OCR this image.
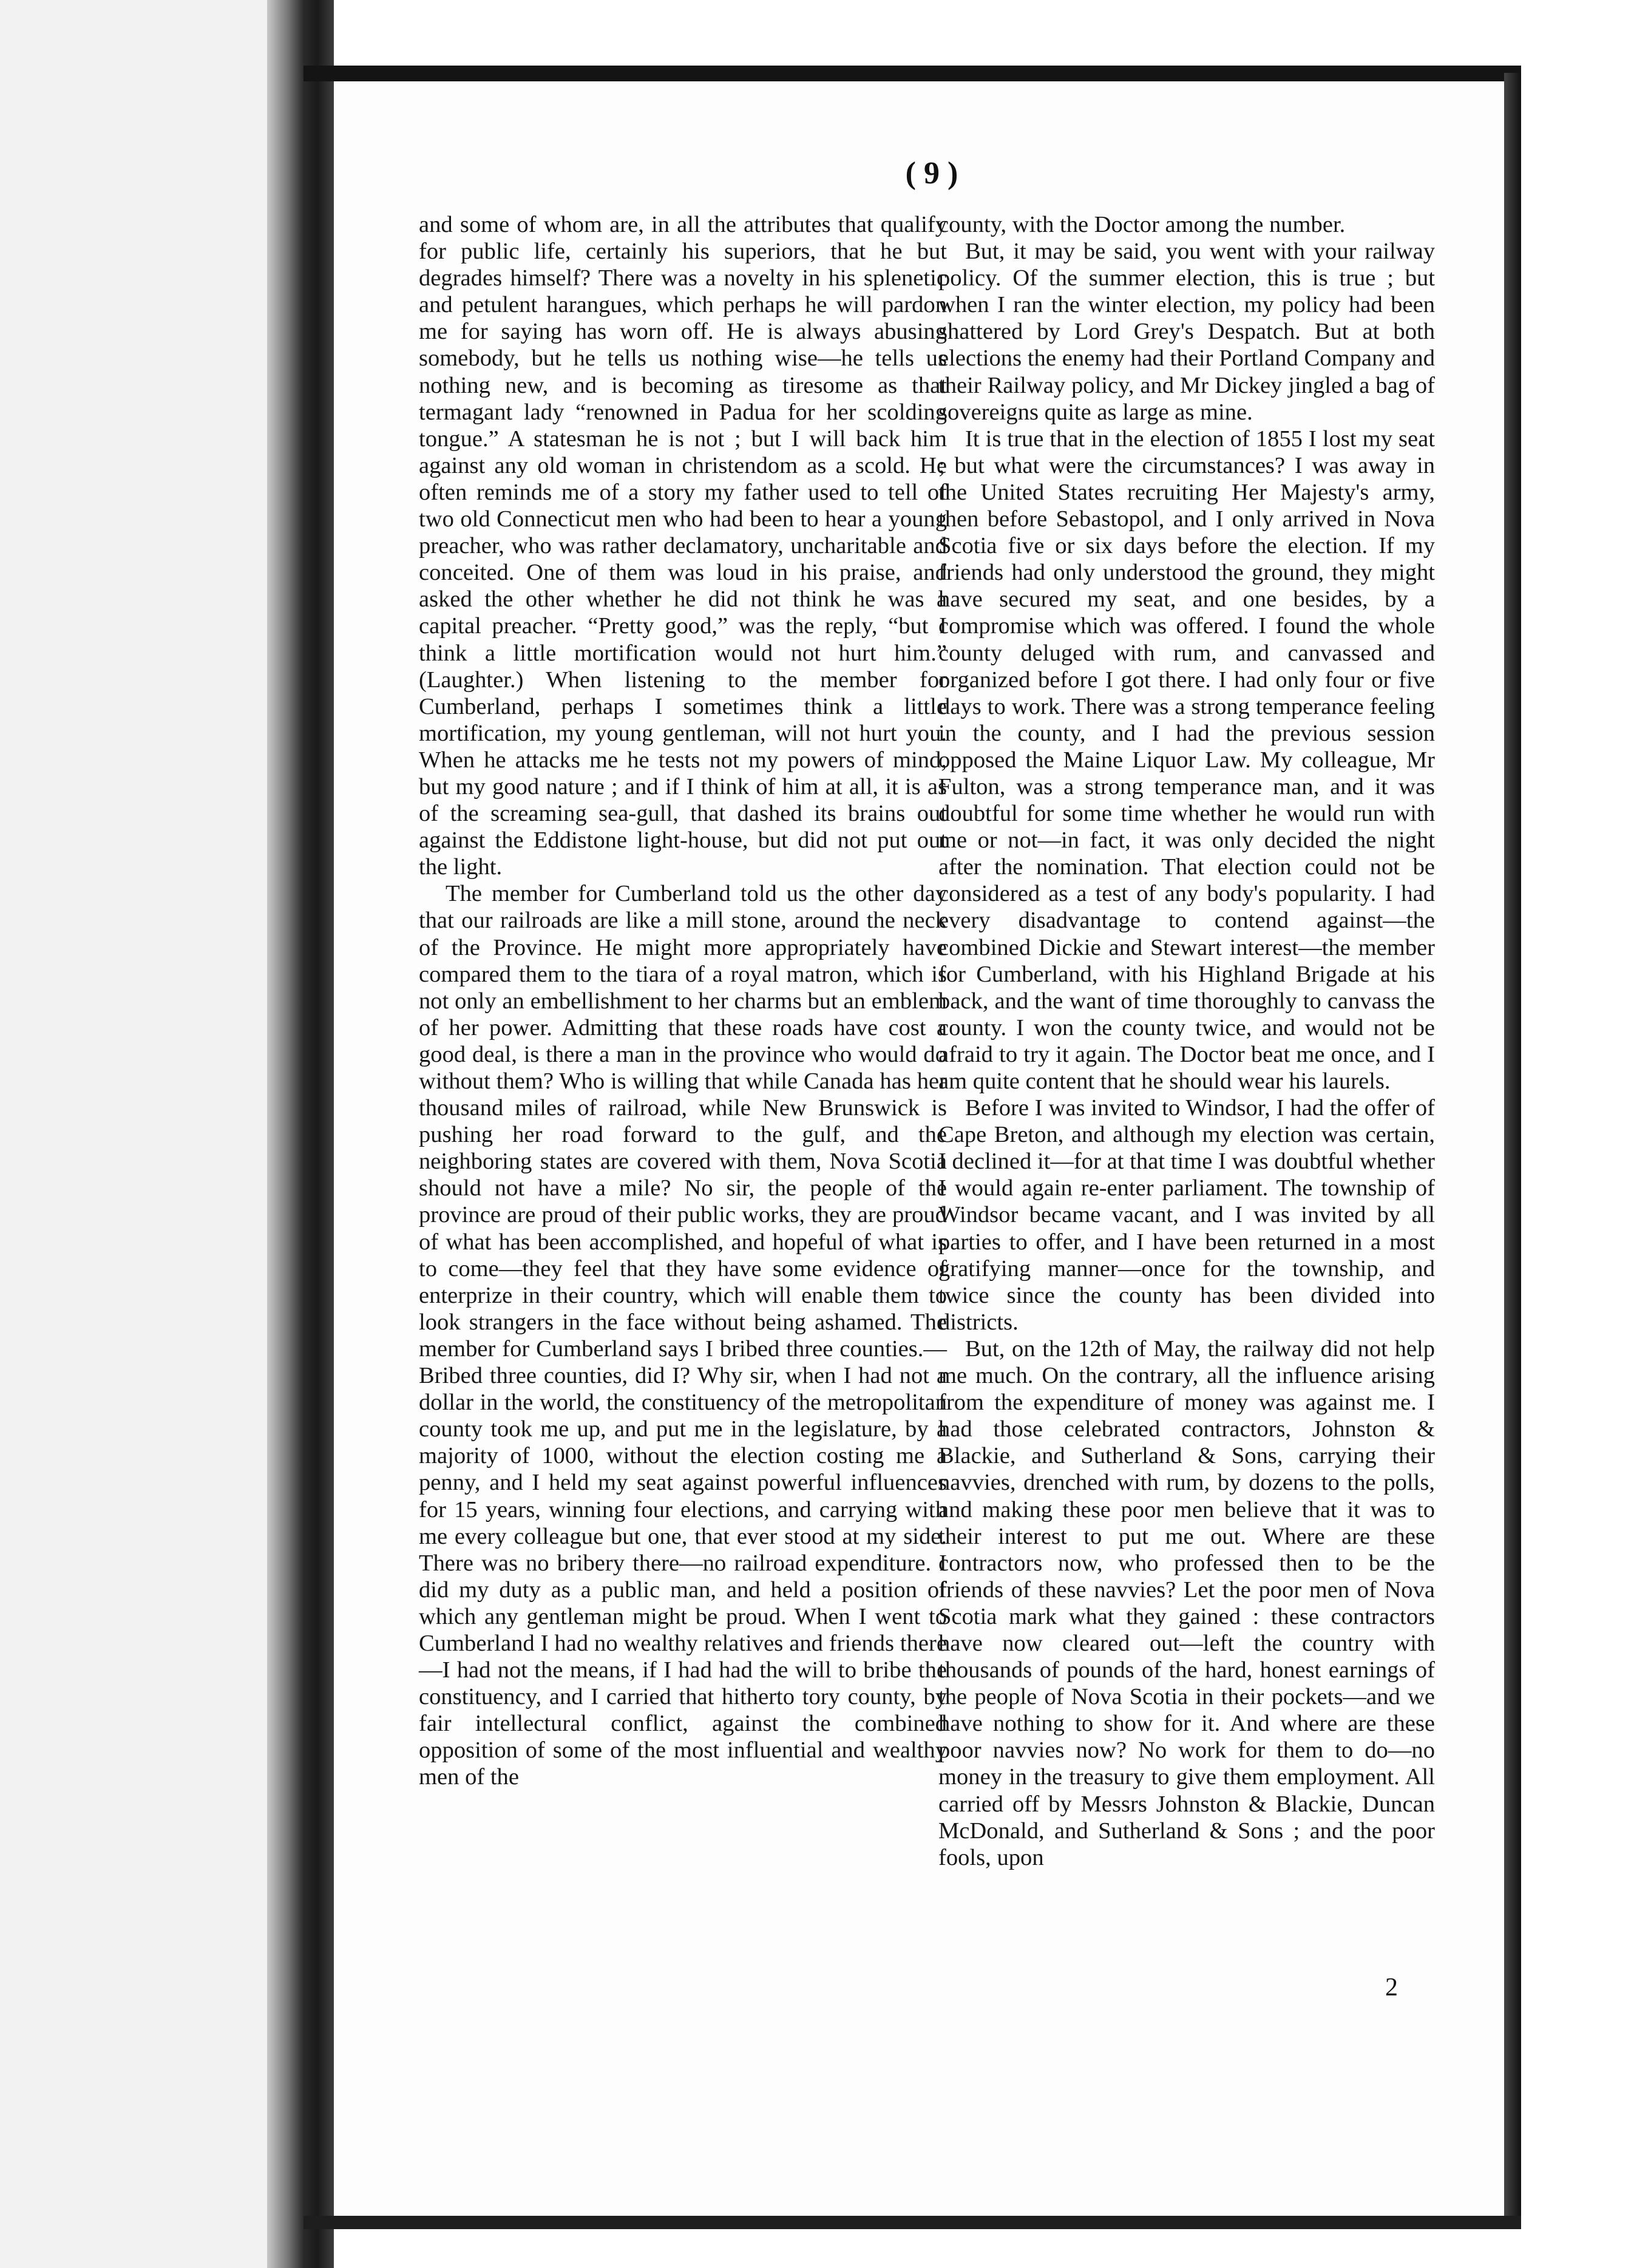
( 9 )

and some of whom are, in all the attributes that qualify for public life, certainly his superiors, that he but degrades himself? There was a novelty in his splenetic and petulent harangues, which perhaps he will pardon me for saying has worn off. He is always abusing somebody, but he tells us nothing wise—he tells us nothing new, and is becoming as tiresome as that termagant lady “renowned in Padua for her scolding tongue.” A statesman he is not ; but I will back him against any old woman in christendom as a scold. He often reminds me of a story my father used to tell of two old Connecticut men who had been to hear a young preacher, who was rather declamatory, uncharitable and conceited. One of them was loud in his praise, and asked the other whether he did not think he was a capital preacher. “Pretty good,” was the reply, “but I think a little mortification would not hurt him.” (Laughter.) When listening to the member for Cumberland, perhaps I sometimes think a little mortification, my young gentleman, will not hurt you. When he attacks me he tests not my powers of mind, but my good nature ; and if I think of him at all, it is as of the screaming sea-gull, that dashed its brains out against the Eddistone light-house, but did not put out the light.

The member for Cumberland told us the other day that our railroads are like a mill stone, around the neck of the Province. He might more appropriately have compared them to the tiara of a royal matron, which is not only an embellishment to her charms but an emblem of her power. Admitting that these roads have cost a good deal, is there a man in the province who would do without them? Who is willing that while Canada has her thousand miles of railroad, while New Brunswick is pushing her road forward to the gulf, and the neighboring states are covered with them, Nova Scotia should not have a mile? No sir, the people of the province are proud of their public works, they are proud of what has been accomplished, and hopeful of what is to come—they feel that they have some evidence of enterprize in their country, which will enable them to look strangers in the face without being ashamed. The member for Cumberland says I bribed three counties.—Bribed three counties, did I? Why sir, when I had not a dollar in the world, the constituency of the metropolitan county took me up, and put me in the legislature, by a majority of 1000, without the election costing me a penny, and I held my seat against powerful influences for 15 years, winning four elections, and carrying with me every colleague but one, that ever stood at my side. There was no bribery there—no railroad expenditure. I did my duty as a public man, and held a position of which any gentleman might be proud. When I went to Cumberland I had no wealthy relatives and friends there—I had not the means, if I had had the will to bribe the constituency, and I carried that hitherto tory county, by fair intellectural conflict, against the combined opposition of some of the most influential and wealthy men of the

county, with the Doctor among the number.

But, it may be said, you went with your railway policy. Of the summer election, this is true ; but when I ran the winter election, my policy had been shattered by Lord Grey's Despatch. But at both elections the enemy had their Portland Company and their Railway policy, and Mr Dickey jingled a bag of sovereigns quite as large as mine.

It is true that in the election of 1855 I lost my seat ; but what were the circumstances? I was away in the United States recruiting Her Majesty's army, then before Sebastopol, and I only arrived in Nova Scotia five or six days before the election. If my friends had only understood the ground, they might have secured my seat, and one besides, by a compromise which was offered. I found the whole county deluged with rum, and canvassed and organized before I got there. I had only four or five days to work. There was a strong temperance feeling in the county, and I had the previous session opposed the Maine Liquor Law. My colleague, Mr Fulton, was a strong temperance man, and it was doubtful for some time whether he would run with me or not—in fact, it was only decided the night after the nomination. That election could not be considered as a test of any body's popularity. I had every disadvantage to contend against—the combined Dickie and Stewart interest—the member for Cumberland, with his Highland Brigade at his back, and the want of time thoroughly to canvass the county. I won the county twice, and would not be afraid to try it again. The Doctor beat me once, and I am quite content that he should wear his laurels.

Before I was invited to Windsor, I had the offer of Cape Breton, and although my election was certain, I declined it—for at that time I was doubtful whether I would again re-enter parliament. The township of Windsor became vacant, and I was invited by all parties to offer, and I have been returned in a most gratifying manner—once for the township, and twice since the county has been divided into districts.

But, on the 12th of May, the railway did not help me much. On the contrary, all the influence arising from the expenditure of money was against me. I had those celebrated contractors, Johnston & Blackie, and Sutherland & Sons, carrying their navvies, drenched with rum, by dozens to the polls, and making these poor men believe that it was to their interest to put me out. Where are these contractors now, who professed then to be the friends of these navvies? Let the poor men of Nova Scotia mark what they gained : these contractors have now cleared out—left the country with thousands of pounds of the hard, honest earnings of the people of Nova Scotia in their pockets—and we have nothing to show for it. And where are these poor navvies now? No work for them to do—no money in the treasury to give them employment. All carried off by Messrs Johnston & Blackie, Duncan McDonald, and Sutherland & Sons ; and the poor fools, upon

2
